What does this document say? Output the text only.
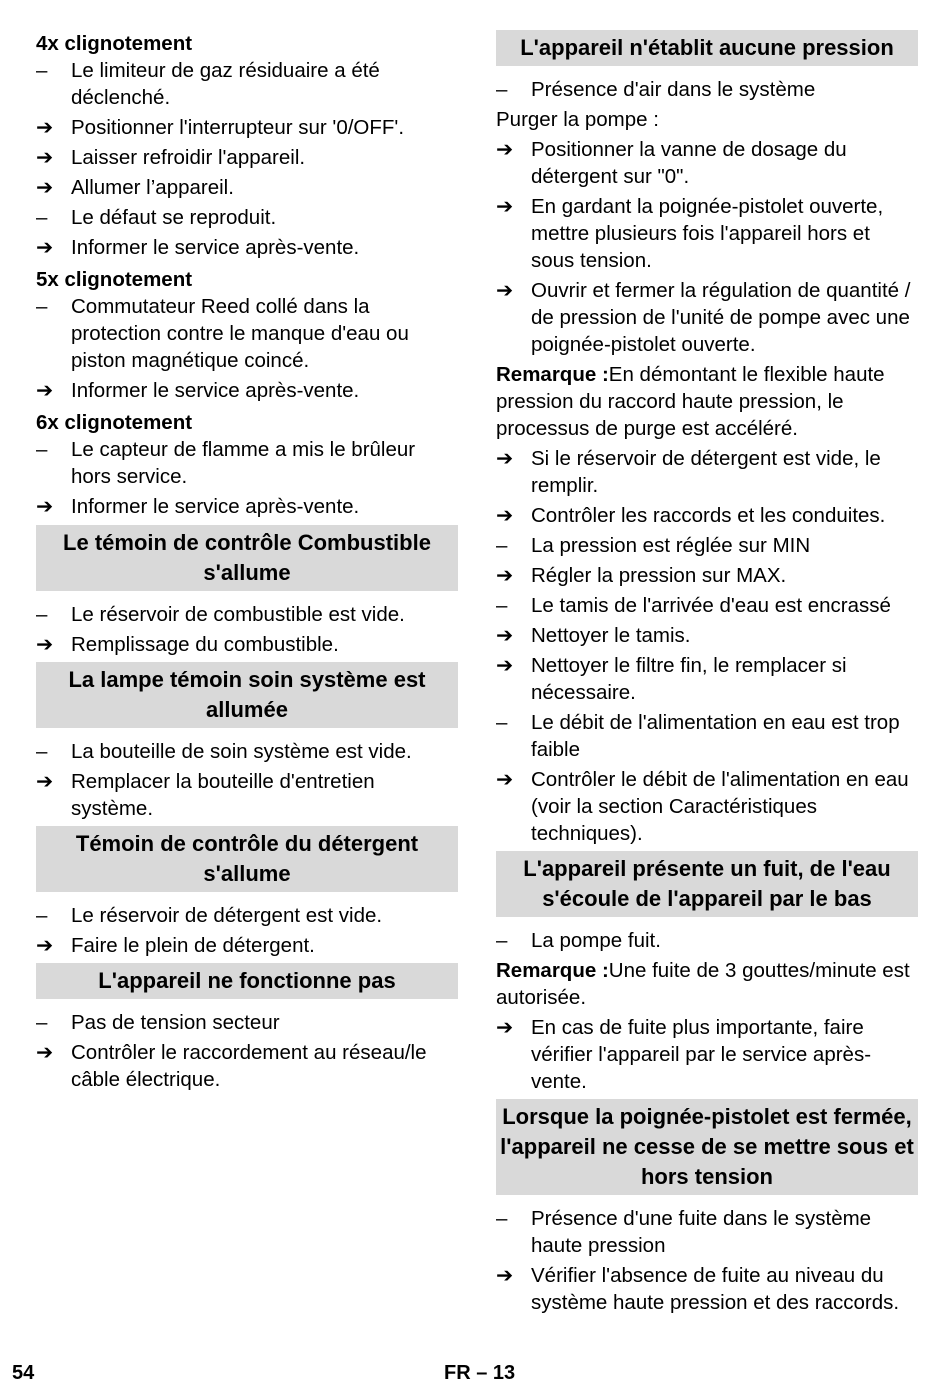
4x clignotement
–	Le limiteur de gaz résiduaire a été déclenché.
➔ Positionner l'interrupteur sur '0/OFF'.
➔ Laisser refroidir l'appareil.
➔ Allumer l’appareil.
–	Le défaut se reproduit.
➔ Informer le service après-vente.
5x clignotement
–	Commutateur Reed collé dans la protection contre le manque d'eau ou piston magnétique coincé.
➔ Informer le service après-vente.
6x clignotement
–	Le capteur de flamme a mis le brûleur hors service.
➔ Informer le service après-vente.
Le témoin de contrôle Combustible s'allume
–	Le réservoir de combustible est vide.
➔ Remplissage du combustible.
La lampe témoin soin système est allumée
–	La bouteille de soin système est vide.
➔ Remplacer la bouteille d'entretien système.
Témoin de contrôle du détergent s'allume
–	Le réservoir de détergent est vide.
➔ Faire le plein de détergent.
L'appareil ne fonctionne pas
–	Pas de tension secteur
➔ Contrôler le raccordement au réseau/le câble électrique.
L'appareil n'établit aucune pression
–	Présence d'air dans le système
Purger la pompe :
➔ Positionner la vanne de dosage du détergent sur "0".
➔ En gardant la poignée-pistolet ouverte, mettre plusieurs fois l'appareil hors et sous tension.
➔ Ouvrir et fermer la régulation de quantité / de pression de l'unité de pompe avec une poignée-pistolet ouverte.
Remarque :En démontant le flexible haute pression du raccord haute pression, le processus de purge est accéléré.
➔ Si le réservoir de détergent est vide, le remplir.
➔ Contrôler les raccords et les conduites.
–	La pression est réglée sur MIN
➔ Régler la pression sur MAX.
–	Le tamis de l'arrivée d'eau est encrassé
➔ Nettoyer le tamis.
➔ Nettoyer le filtre fin, le remplacer si nécessaire.
–	Le débit de l'alimentation en eau est trop faible
➔ Contrôler le débit de l'alimentation en eau (voir la section Caractéristiques techniques).
L'appareil présente un fuit, de l'eau s'écoule de l'appareil par le bas
–	La pompe fuit.
Remarque :Une fuite de 3 gouttes/minute est autorisée.
➔ En cas de fuite plus importante, faire vérifier l'appareil par le service après-vente.
Lorsque la poignée-pistolet est fermée, l'appareil ne cesse de se mettre sous et hors tension
–	Présence d'une fuite dans le système haute pression
➔ Vérifier l'absence de fuite au niveau du système haute pression et des raccords.
54	FR – 13
